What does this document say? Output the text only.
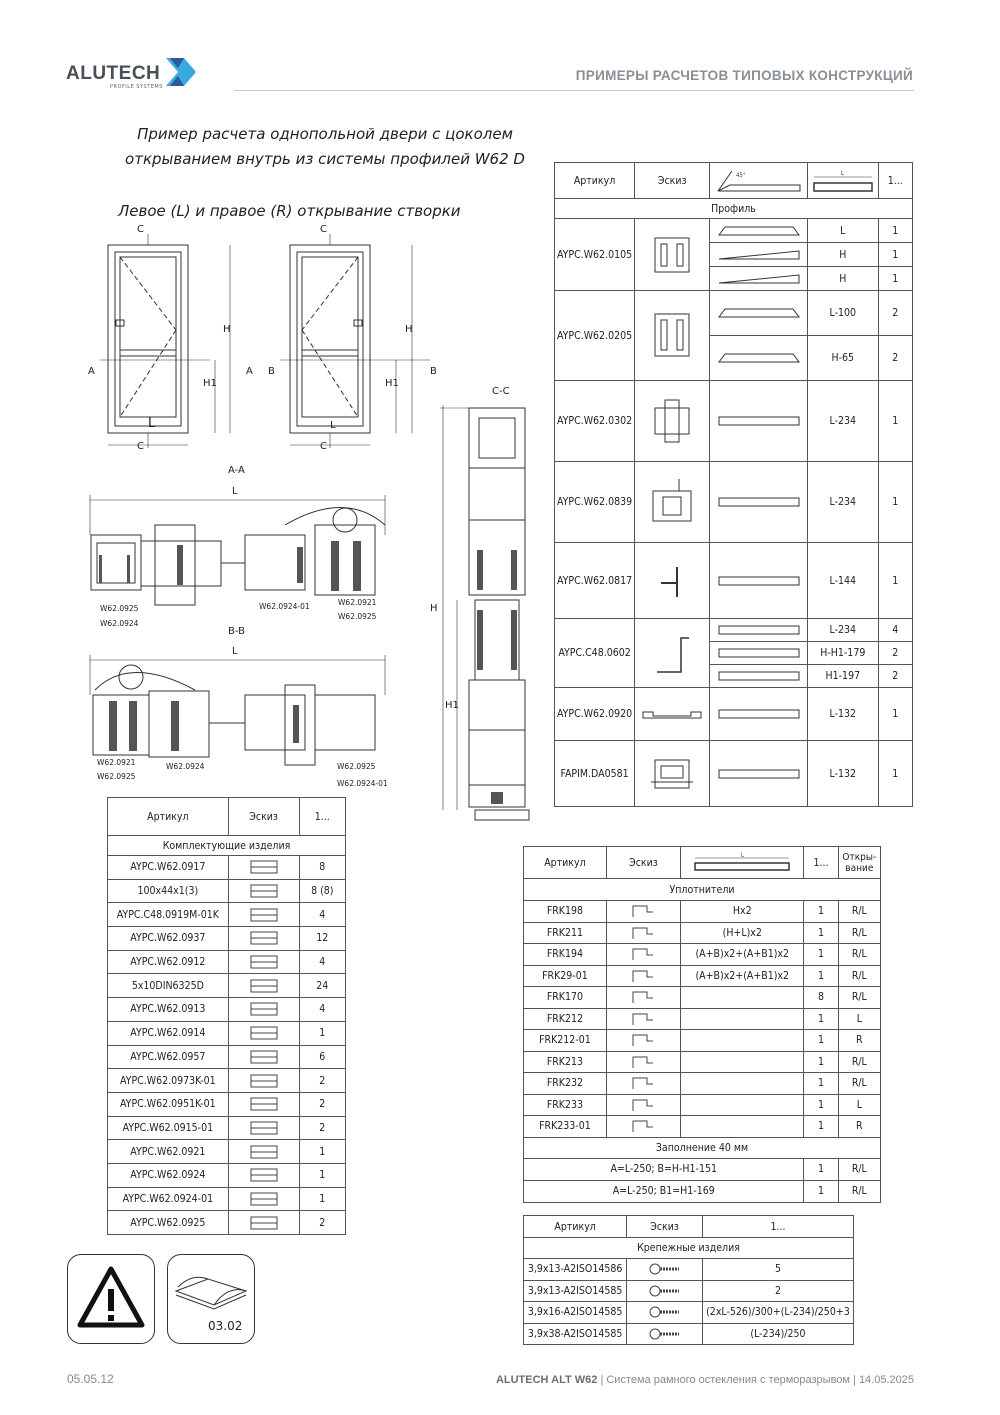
ALUTECH
PROFILE SYSTEMS
ПРИМЕРЫ РАСЧЕТОВ ТИПОВЫХ КОНСТРУКЦИЙ
Пример расчета однопольной двери с цоколем
открыванием внутрь из системы профилей W62 D
Левое (L) и правое (R) открывание створки
C	C
C	C
A	A B	B
H	H
H1	H1
L	L
A-A
L
W62.0925
W62.0924
W62.0924-01	W62.0921
W62.0925
B-B
L
W62.0921
W62.0925
W62.0924	W62.0925
W62.0924-01
C-C
H
H1
Артикул	Эскиз	45°	L	1...
Профиль				
AYPC.W62.0105			L	1
	H	1
	H	1
AYPC.W62.0205			L-100	2
	H-65	2
AYPC.W62.0302			L-234	1
AYPC.W62.0839			L-234	1
AYPC.W62.0817			L-144	1
AYPC.C48.0602			L-234	4
	H-H1-179	2
	H1-197	2
AYPC.W62.0920			L-132	1
FAPIM.DA0581			L-132	1
Артикул	Эскиз	1...
Комплектующие изделия		
AYPC.W62.0917		8
100x44x1(3)		8 (8)
AYPC.C48.0919M-01K		4
AYPC.W62.0937		12
AYPC.W62.0912		4
5x10DIN6325D		24
AYPC.W62.0913		4
AYPC.W62.0914		1
AYPC.W62.0957		6
AYPC.W62.0973K-01		2
AYPC.W62.0951K-01		2
AYPC.W62.0915-01		2
AYPC.W62.0921		1
AYPC.W62.0924		1
AYPC.W62.0924-01		1
AYPC.W62.0925		2
Артикул	Эскиз	L	1...	Откры-вание
Уплотнители				
FRK198		Hx2	1	R/L
FRK211		(H+L)x2	1	R/L
FRK194		(A+B)x2+(A+B1)x2	1	R/L
FRK29-01		(A+B)x2+(A+B1)x2	1	R/L
FRK170			8	R/L
FRK212			1	L
FRK212-01			1	R
FRK213			1	R/L
FRK232			1	R/L
FRK233			1	L
FRK233-01			1	R
Заполнение 40 мм				
A=L-250; B=H-H1-151			1	R/L
A=L-250; B1=H1-169			1	R/L
Артикул	Эскиз	1...
Крепежные изделия		
3,9x13-A2ISO14586		5
3,9x13-A2ISO14585		2
3,9x16-A2ISO14585		(2xL-526)/300+(L-234)/250+3
3,9x38-A2ISO14585		(L-234)/250
03.02
05.05.12	ALUTECH ALT W62 | Система рамного остекления с терморазрывом | 14.05.2025
